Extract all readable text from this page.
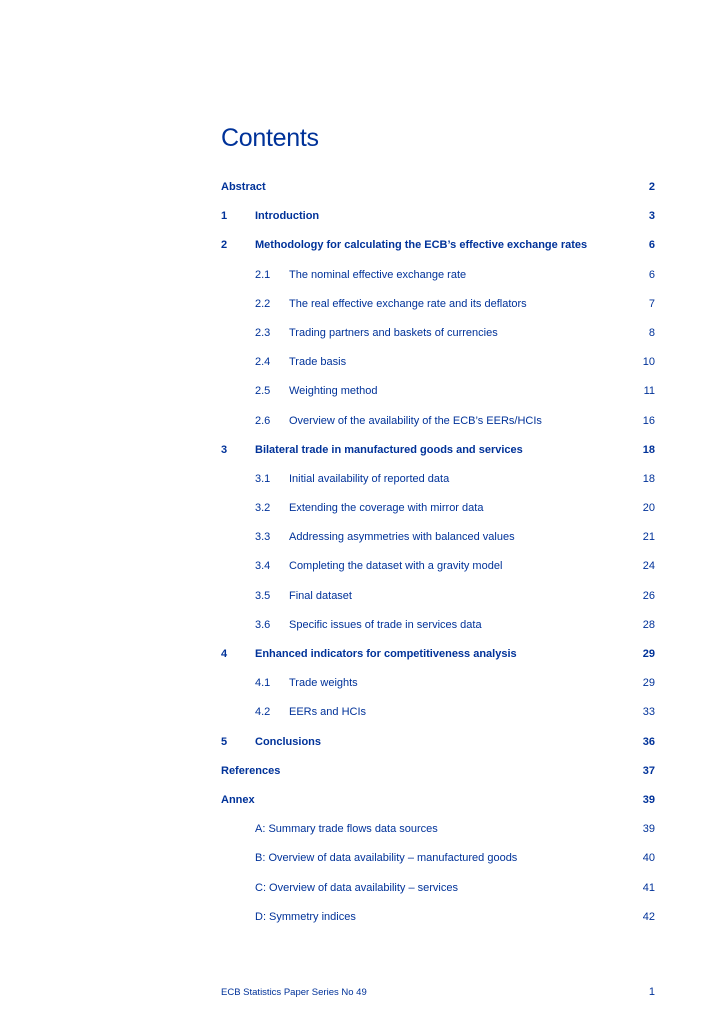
Contents
Abstract	2
1	Introduction	3
2	Methodology for calculating the ECB’s effective exchange rates	6
2.1 The nominal effective exchange rate	6
2.2 The real effective exchange rate and its deflators	7
2.3 Trading partners and baskets of currencies	8
2.4 Trade basis	10
2.5 Weighting method	11
2.6 Overview of the availability of the ECB’s EERs/HCIs	16
3	Bilateral trade in manufactured goods and services	18
3.1 Initial availability of reported data	18
3.2 Extending the coverage with mirror data	20
3.3 Addressing asymmetries with balanced values	21
3.4 Completing the dataset with a gravity model	24
3.5 Final dataset	26
3.6 Specific issues of trade in services data	28
4	Enhanced indicators for competitiveness analysis	29
4.1 Trade weights	29
4.2 EERs and HCIs	33
5	Conclusions	36
References	37
Annex	39
A: Summary trade flows data sources	39
B: Overview of data availability – manufactured goods	40
C: Overview of data availability – services	41
D: Symmetry indices	42
ECB Statistics Paper Series No 49	1
